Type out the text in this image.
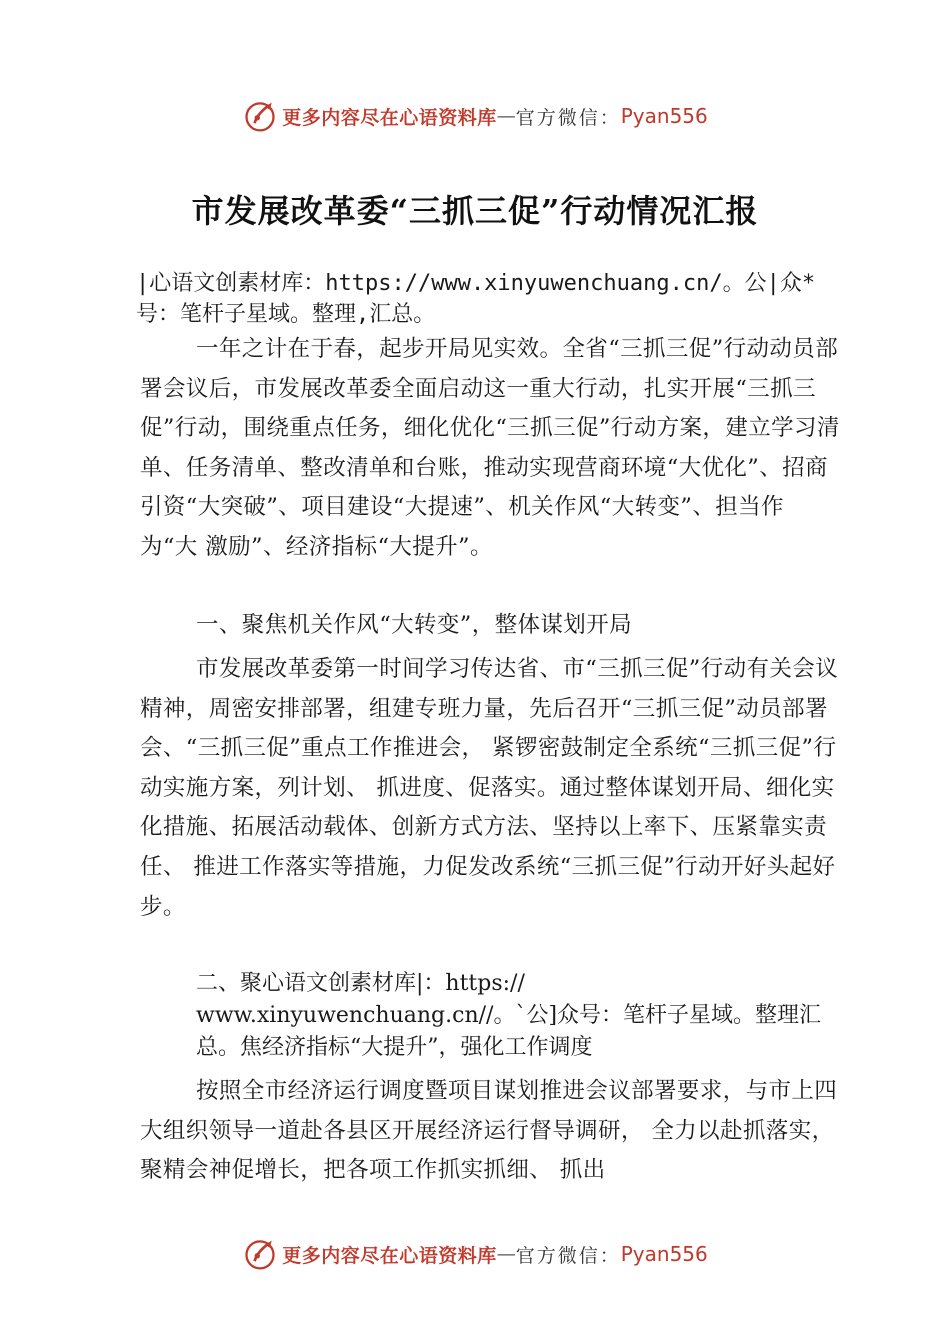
更多内容尽在心语资料库 — 官方微信： Pyan556
市发展改革委“三抓三促”行动情况汇报

|心语文创素材库：https://www.xinyuwenchuang.cn/。公|众*号：笔杆子星域。整理,汇总。

一年之计在于春，起步开局见实效。全省“三抓三促”行动动员部署会议后，市发展改革委全面启动这一重大行动，扎实开展“三抓三促”行动，围绕重点任务，细化优化“三抓三促”行动方案，建立学习清单、任务清单、整改清单和台账，推动实现营商环境“大优化”、招商引资“大突破”、项目建设“大提速”、机关作风“大转变”、担当作为“大 激励”、经济指标“大提升”。

一、聚焦机关作风“大转变”，整体谋划开局

市发展改革委第一时间学习传达省、市“三抓三促”行动有关会议精神，周密安排部署，组建专班力量，先后召开“三抓三促”动员部署会、“三抓三促”重点工作推进会， 紧锣密鼓制定全系统“三抓三促”行动实施方案，列计划、 抓进度、促落实。通过整体谋划开局、细化实化措施、拓展活动载体、创新方式方法、坚持以上率下、压紧靠实责任、 推进工作落实等措施，力促发改系统“三抓三促”行动开好头起好步。

二、聚心语文创素材库|：https://
www.xinyuwenchuang.cn//。`公]众号：笔杆子星域。整理汇总。焦经济指标“大提升”，强化工作调度

按照全市经济运行调度暨项目谋划推进会议部署要求，与市上四大组织领导一道赴各县区开展经济运行督导调研， 全力以赴抓落实，聚精会神促增长，把各项工作抓实抓细、 抓出

更多内容尽在心语资料库 — 官方微信： Pyan556
